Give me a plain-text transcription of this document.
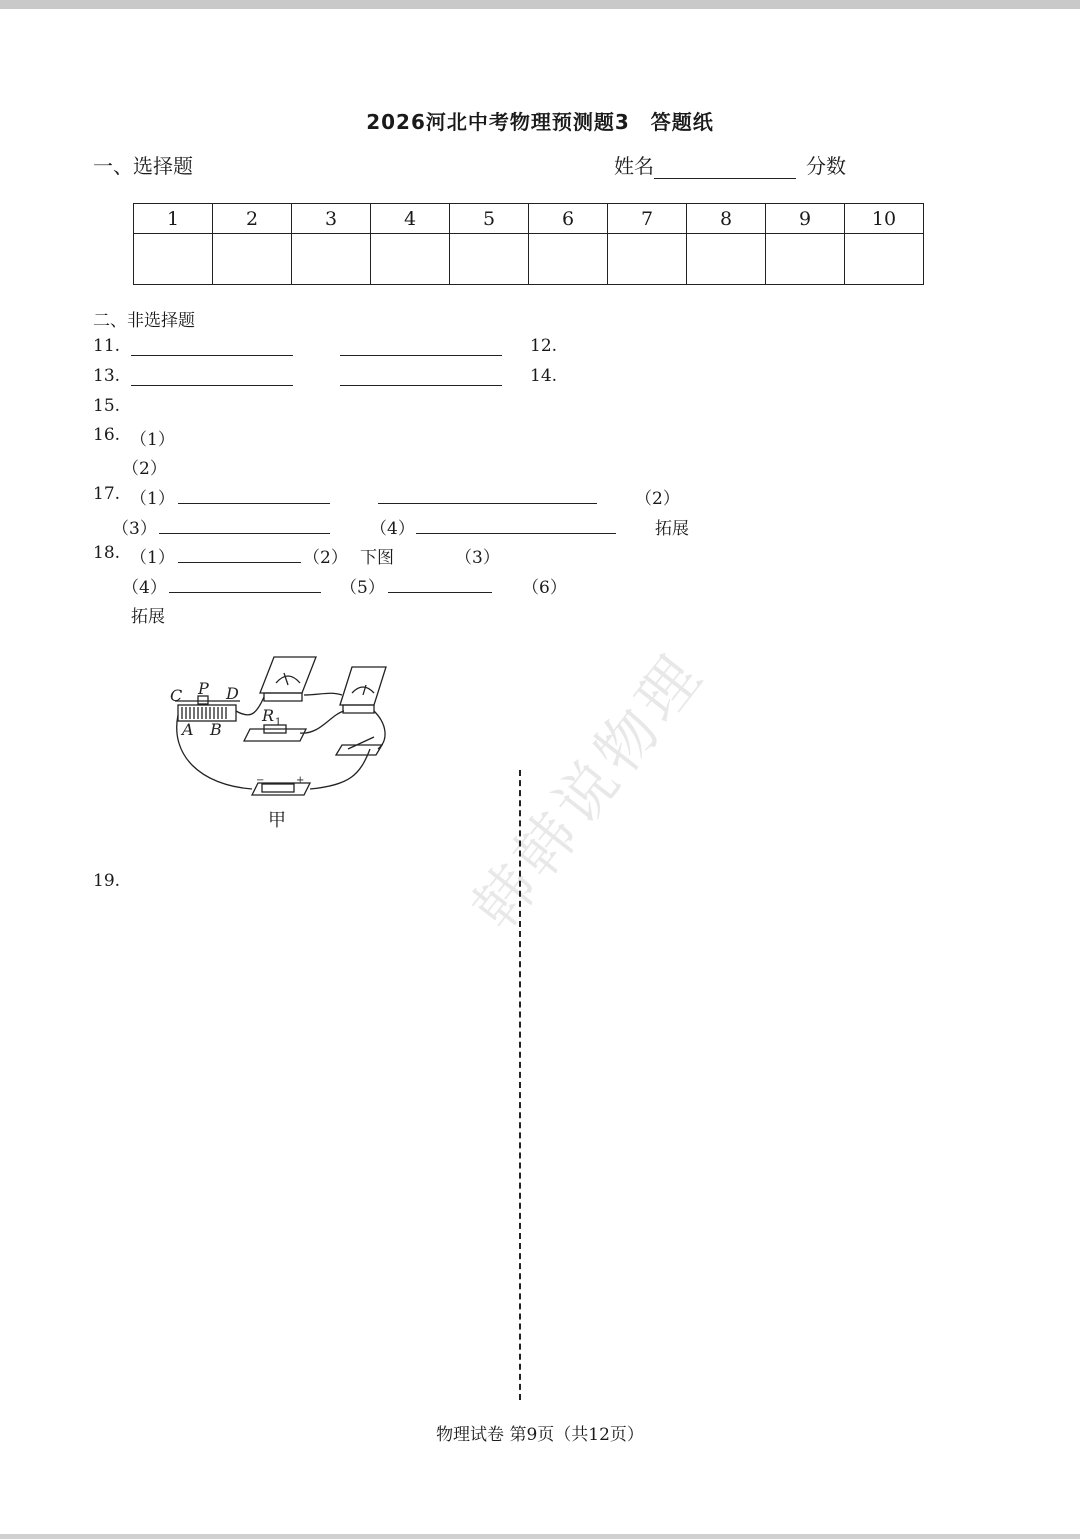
2026河北中考物理预测题3　答题纸
一、选择题	姓名	分数
1	2	3	4	5	6	7	8	9	10

二、非选择题
11.	12.
13.	14.
15.
16. （1）
（2）
17. （1）	（2）
（3）	（4）	拓展
18. （1）	（2） 下图	（3）
（4）	（5）	（6）
拓展
C P D
A B
R 1
−	+
甲	韩韩说物理
19.
物理试卷 第9页（共12页）
